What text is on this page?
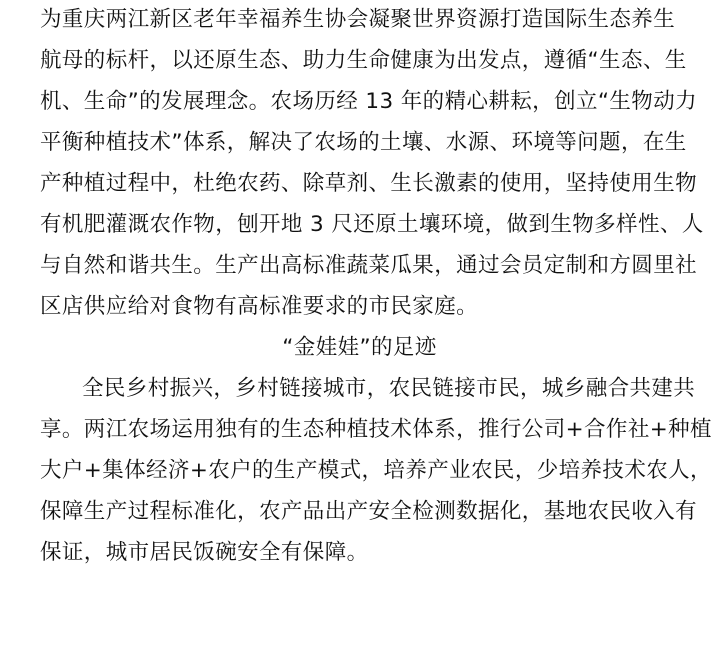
为重庆两江新区老年幸福养生协会凝聚世界资源打造国际生态养生
航母的标杆，以还原生态、助力生命健康为出发点，遵循“生态、生
机、生命”的发展理念。农场历经 13 年的精心耕耘，创立“生物动力
平衡种植技术”体系，解决了农场的土壤、水源、环境等问题，在生
产种植过程中，杜绝农药、除草剂、生长激素的使用，坚持使用生物
有机肥灌溉农作物，刨开地 3 尺还原土壤环境，做到生物多样性、人
与自然和谐共生。生产出高标准蔬菜瓜果，通过会员定制和方圆里社
区店供应给对食物有高标准要求的市民家庭。
“金娃娃”的足迹
全民乡村振兴，乡村链接城市，农民链接市民，城乡融合共建共
享。两江农场运用独有的生态种植技术体系，推行公司+合作社+种植
大户+集体经济+农户的生产模式，培养产业农民，少培养技术农人，
保障生产过程标准化，农产品出产安全检测数据化，基地农民收入有
保证，城市居民饭碗安全有保障。
